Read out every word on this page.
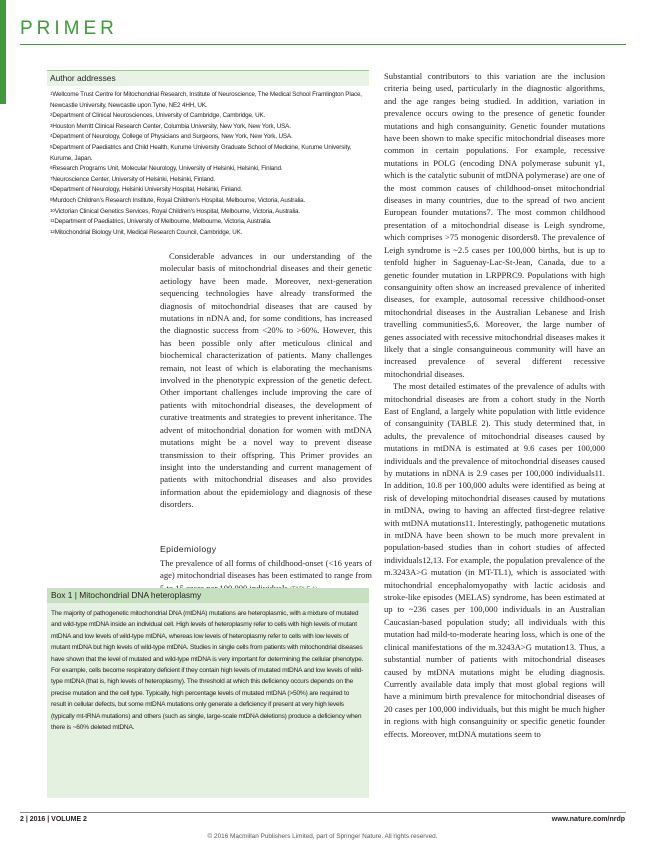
PRIMER
Author addresses
$^1$Wellcome Trust Centre for Mitochondrial Research, Institute of Neuroscience, The Medical School Framlington Place, Newcastle University, Newcastle upon Tyne, NE2 4HH, UK.
$^2$Department of Clinical Neurosciences, University of Cambridge, Cambridge, UK.
$^3$Houston Merritt Clinical Research Center, Columbia University, New York, New York, USA.
$^4$Department of Neurology, College of Physicians and Surgeons, New York, New York, USA.
$^5$Department of Paediatrics and Child Health, Kurume University Graduate School of Medicine, Kurume University, Kurume, Japan.
$^6$Research Programs Unit, Molecular Neurology, University of Helsinki, Helsinki, Finland.
$^7$Neuroscience Center, University of Helsinki, Helsinki, Finland.
$^8$Department of Neurology, Helsinki University Hospital, Helsinki, Finland.
$^9$Murdoch Children's Research Institute, Royal Children's Hospital, Melbourne, Victoria, Australia.
$^{10}$Victorian Clinical Genetics Services, Royal Children's Hospital, Melbourne, Victoria, Australia.
$^{11}$Department of Paediatrics, University of Melbourne, Melbourne, Victoria, Australia.
$^{12}$Mitochondrial Biology Unit, Medical Research Council, Cambridge, UK.
Considerable advances in our understanding of the molecular basis of mitochondrial diseases and their genetic aetiology have been made. Moreover, next-generation sequencing technologies have already transformed the diagnosis of mitochondrial diseases that are caused by mutations in nDNA and, for some conditions, has increased the diagnostic success from <20% to >60%. However, this has been possible only after meticulous clinical and biochemical characterization of patients. Many challenges remain, not least of which is elaborating the mechanisms involved in the phenotypic expression of the genetic defect. Other important challenges include improving the care of patients with mitochondrial diseases, the development of curative treatments and strategies to prevent inheritance. The advent of mitochondrial donation for women with mtDNA mutations might be a novel way to prevent disease transmission to their offspring. This Primer provides an insight into the understanding and current management of patients with mitochondrial diseases and also provides information about the epidemiology and diagnosis of these disorders.
Epidemiology
The prevalence of all forms of childhood-onset (<16 years of age) mitochondrial diseases has been estimated to range from
Box 1 | Mitochondrial DNA heteroplasmy

The majority of pathogenetic mitochondrial DNA (mtDNA) mutations are heteroplasmic, with a mixture of mutated and wild-type mtDNA inside an individual cell. High levels of heteroplasmy refer to cells with high levels of mutant mtDNA and low levels of wild-type mtDNA, whereas low levels of heteroplasmy refer to cells with low levels of mutant mtDNA but high levels of wild-type mtDNA. Studies in single cells from patients with mitochondrial diseases have shown that the level of mutated and wild-type mtDNA is very important for determining the cellular phenotype.

For example, cells become respiratory deficient if they contain high levels of mutated mtDNA and low levels of wild-type mtDNA (that is, high levels of heteroplasmy). The threshold at which this deficiency occurs depends on the precise mutation and the cell type. Typically, high percentage levels of mutated mtDNA (>50%) are required to result in cellular defects, but some mtDNA mutations only generate a deficiency if present at very high levels (typically mt-tRNA mutations) and others (such as single, large-scale mtDNA deletions) produce a deficiency when there is ~60% deleted mtDNA.

Substantial contributors to this variation are the inclusion criteria being used, particularly in the diagnostic algorithms, and the age ranges being studied. In addition, variation in prevalence occurs owing to the presence of genetic founder mutations and high consanguinity. Genetic founder mutations have been shown to make specific mitochondrial diseases more common in certain populations. For example, recessive mutations in POLG (encoding DNA polymerase subunit γ1, which is the catalytic subunit of mtDNA polymerase) are one of the most common causes of childhood-onset mitochondrial diseases in many countries, due to the spread of two ancient European founder mutations7. The most common childhood presentation of a mitochondrial disease is Leigh syndrome, which comprises >75 monogenic disorders8. The prevalence of Leigh syndrome is ~2.5 cases per 100,000 births, but is up to tenfold higher in Saguenay-Lac-St-Jean, Canada, due to a genetic founder mutation in LRPPRC9. Populations with high consanguinity often show an increased prevalence of inherited diseases, for example, autosomal recessive childhood-onset mitochondrial diseases in the Australian Lebanese and Irish travelling communities5,6. Moreover, the large number of genes associated with recessive mitochondrial diseases makes it likely that a single consanguineous community will have an increased prevalence of several different recessive mitochondrial diseases.

The most detailed estimates of the prevalence of adults with mitochondrial diseases are from a cohort study in the North East of England, a largely white population with little evidence of consanguinity (TABLE 2). This study determined that, in adults, the prevalence of mitochondrial diseases caused by mutations in mtDNA is estimated at 9.6 cases per 100,000 individuals and the prevalence of mitochondrial diseases caused by mutations in nDNA is 2.9 cases per 100,000 individuals11. In addition, 10.8 per 100,000 adults were identified as being at risk of developing mitochondrial diseases caused by mutations in mtDNA, owing to having an affected first-degree relative with mtDNA mutations11. Interestingly, pathogenetic mutations in mtDNA have been shown to be much more prevalent in population-based studies than in cohort studies of affected individuals12,13. For example, the population prevalence of the m.3243A>G mutation (in MT-TL1), which is associated with mitochondrial encephalomyopathy with lactic acidosis and stroke-like episodes (MELAS) syndrome, has been estimated at up to ~236 cases per 100,000 individuals in an Australian Caucasian-based population study; all individuals with this mutation had mild-to-moderate hearing loss, which is one of the clinical manifestations of the m.3243A>G mutation13. Thus, a substantial number of patients with mitochondrial diseases caused by mtDNA mutations might be eluding diagnosis. Currently available data imply that most global regions will have a minimum birth prevalence for mitochondrial diseases of 20 cases per 100,000 individuals, but this might be much higher in regions with high consanguinity or specific genetic founder effects. Moreover, mtDNA mutations seem to

2 | 2016 | VOLUME 2	www.nature.com/nrdp
© 2016 Macmillan Publishers Limited, part of Springer Nature. All rights reserved.
